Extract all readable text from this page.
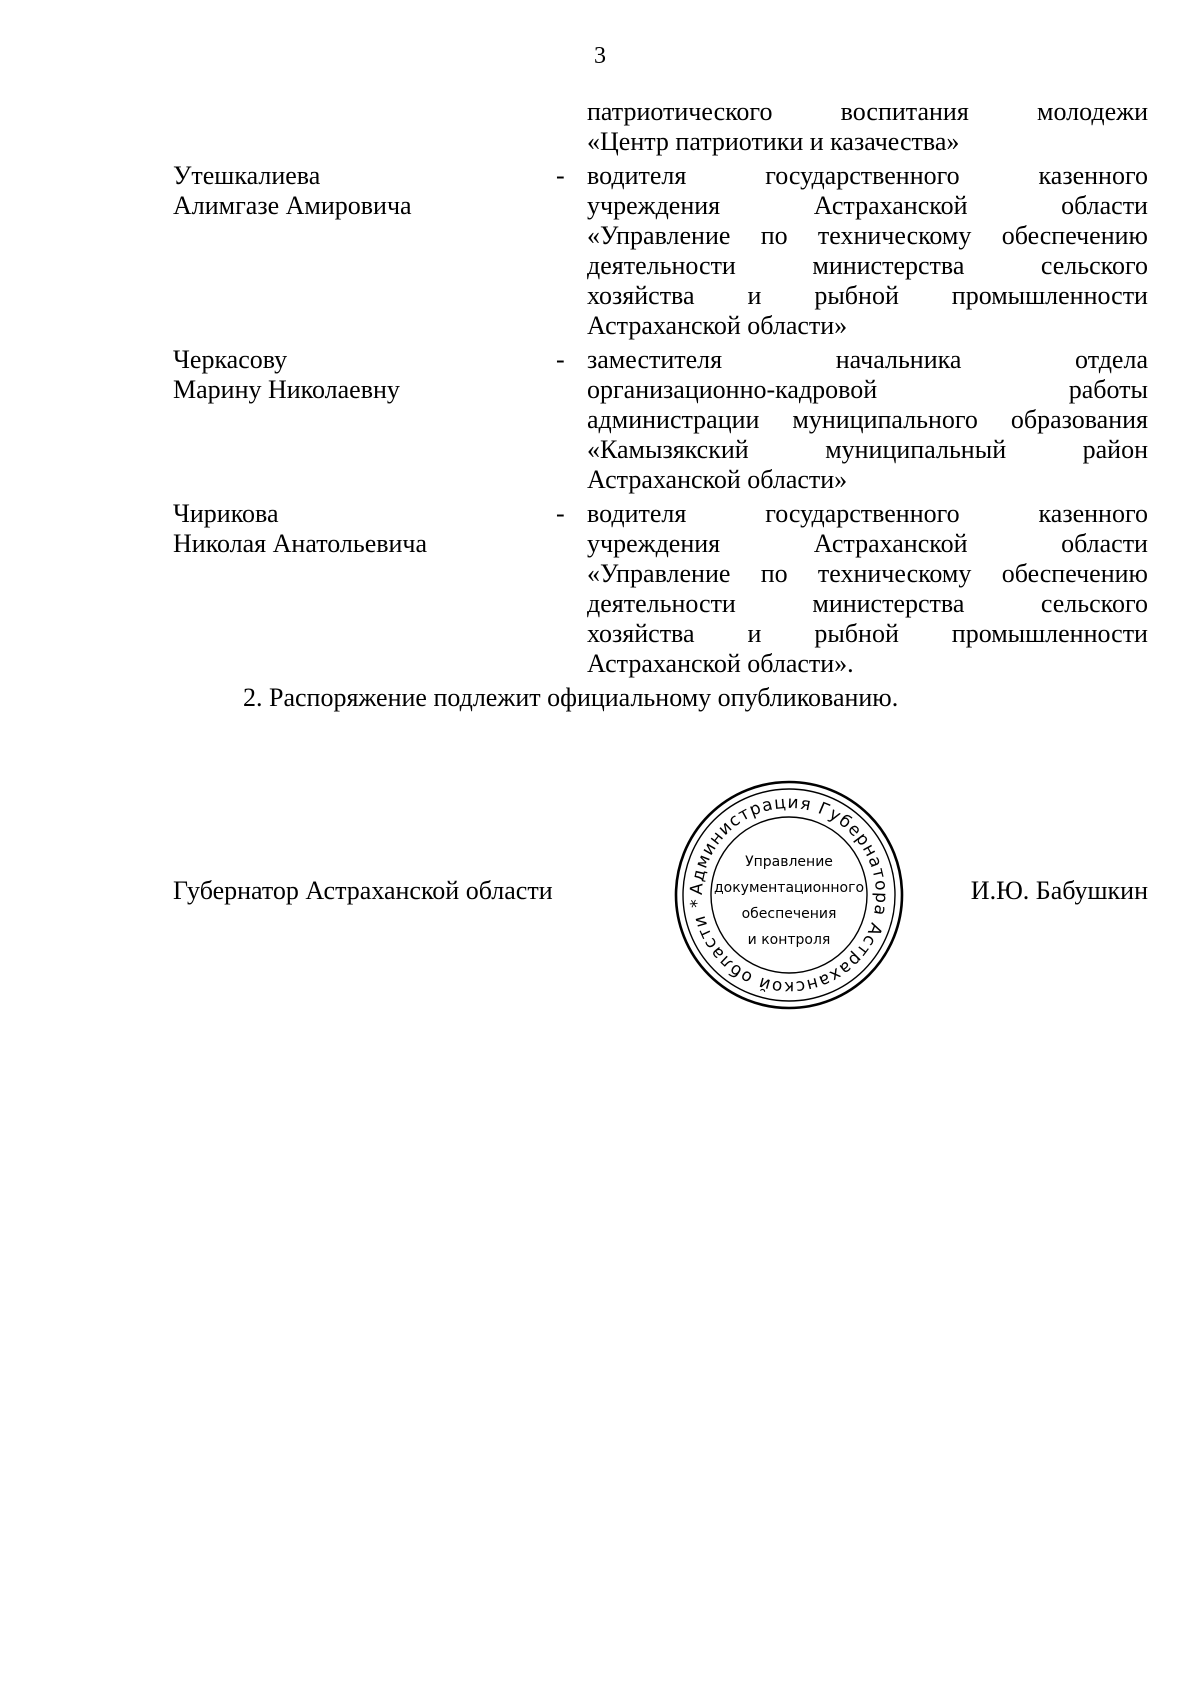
3
патриотического	воспитания	молодежи
«Центр патриотики и казачества»
Утешкалиева
Алимгазе Амировича
- водителя	государственного	казенного
учреждения	Астраханской	области
«Управление по техническому обеспечению
деятельности	министерства	сельского
хозяйства и рыбной промышленности
Астраханской области»
Черкасову
Марину Николаевну
- заместителя	начальника	отдела
организационно-кадровой	работы
администрации муниципального образования
«Камызякский	муниципальный	район
Астраханской области»
Чирикова
Николая Анатольевича
- водителя	государственного	казенного
учреждения	Астраханской	области
«Управление по техническому обеспечению
деятельности	министерства	сельского
хозяйства и рыбной промышленности
Астраханской области».
2. Распоряжение подлежит официальному опубликованию.
Губернатор Астраханской области	И.Ю. Бабушкин
Администрация Губернатора Астраханской области *
Управление
документационного
обеспечения
и контроля
